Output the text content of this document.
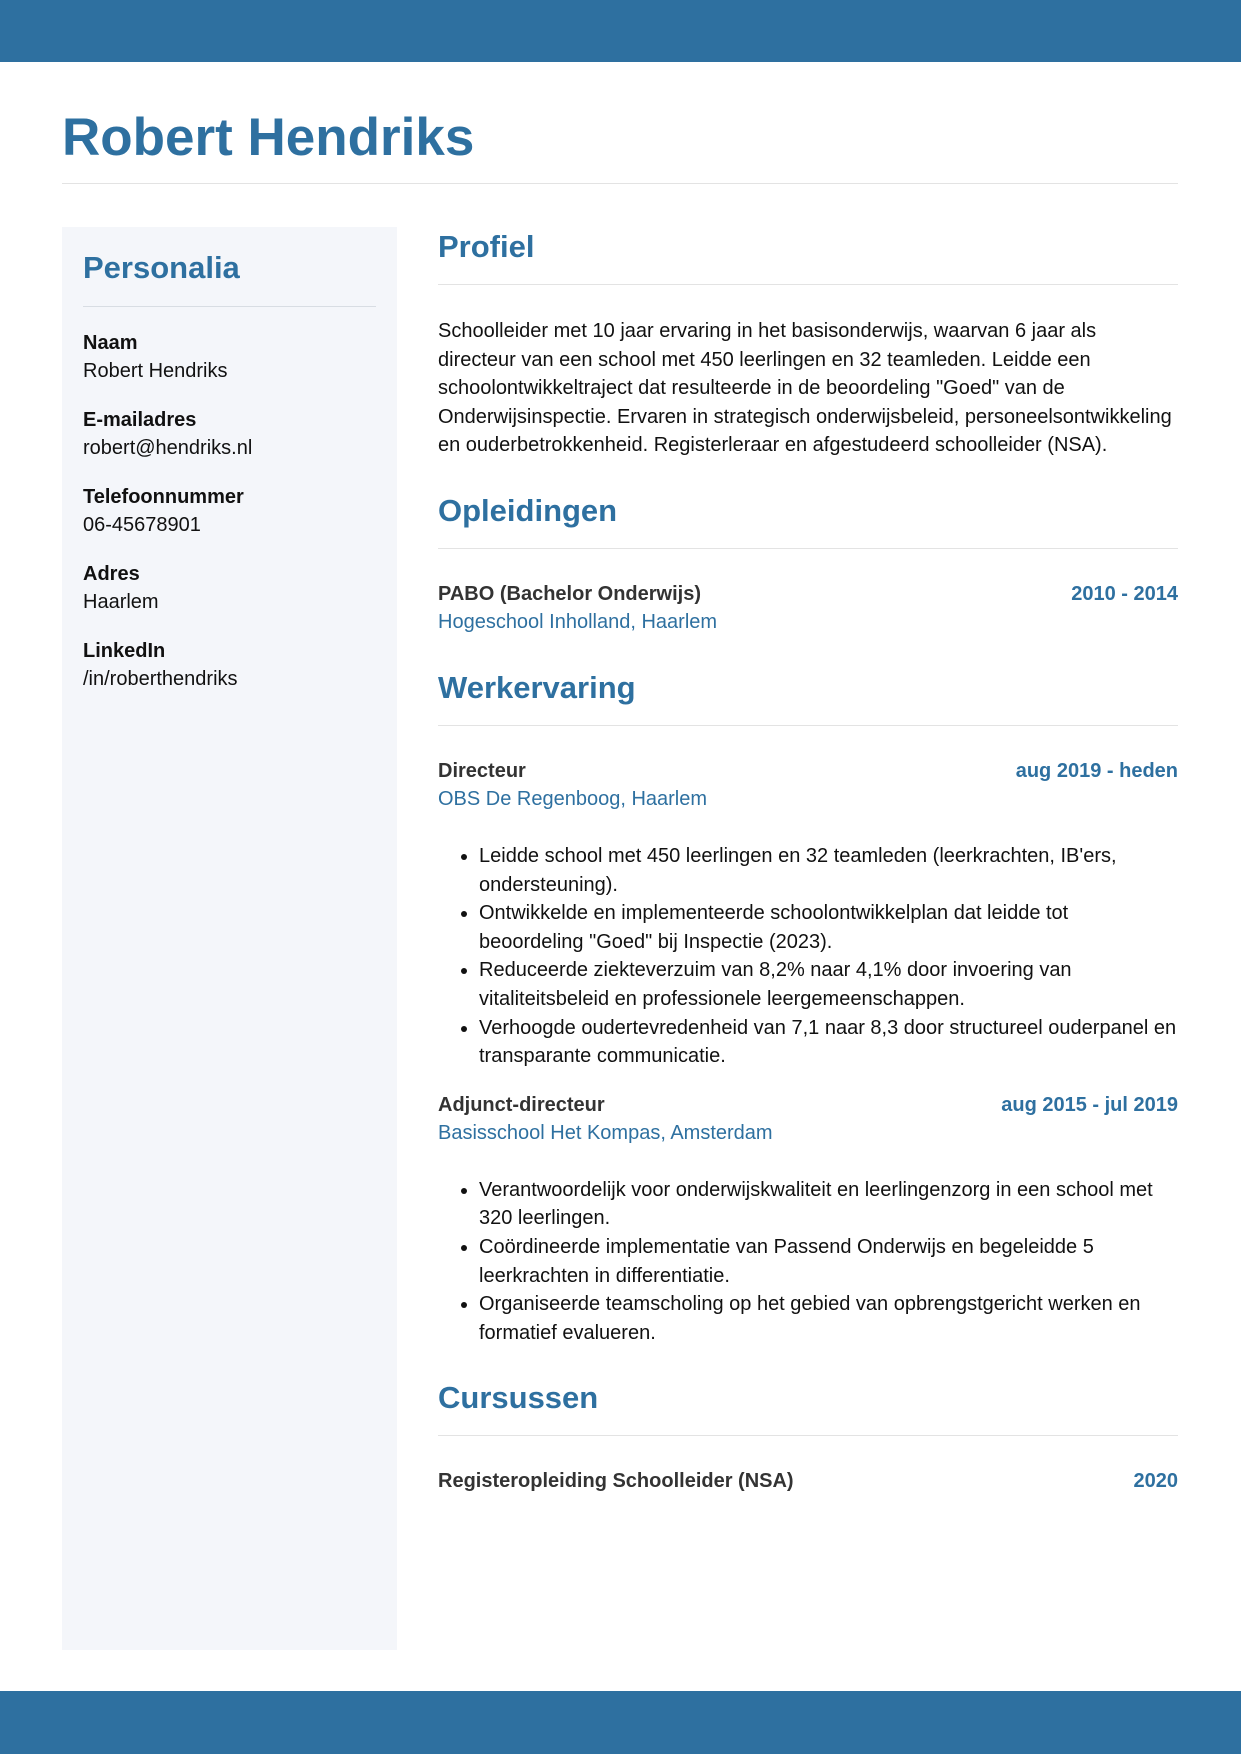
Robert Hendriks
Personalia
Naam
Robert Hendriks
E-mailadres
robert@hendriks.nl
Telefoonnummer
06-45678901
Adres
Haarlem
LinkedIn
/in/roberthendriks
Profiel

Schoolleider met 10 jaar ervaring in het basisonderwijs, waarvan 6 jaar als directeur van een school met 450 leerlingen en 32 teamleden. Leidde een schoolontwikkeltraject dat resulteerde in de beoordeling "Goed" van de Onderwijsinspectie. Ervaren in strategisch onderwijsbeleid, personeelsontwikkeling en ouderbetrokkenheid. Registerleraar en afgestudeerd schoolleider (NSA).

Opleidingen
PABO (Bachelor Onderwijs)	2010 - 2014
Hogeschool Inholland, Haarlem
Werkervaring
Directeur	aug 2019 - heden
OBS De Regenboog, Haarlem
• Leidde school met 450 leerlingen en 32 teamleden (leerkrachten, IB'ers, ondersteuning).
• Ontwikkelde en implementeerde schoolontwikkelplan dat leidde tot beoordeling "Goed" bij Inspectie (2023).
• Reduceerde ziekteverzuim van 8,2% naar 4,1% door invoering van vitaliteitsbeleid en professionele leergemeenschappen.
• Verhoogde oudertevredenheid van 7,1 naar 8,3 door structureel ouderpanel en transparante communicatie.
Adjunct-directeur	aug 2015 - jul 2019
Basisschool Het Kompas, Amsterdam
• Verantwoordelijk voor onderwijskwaliteit en leerlingenzorg in een school met 320 leerlingen.
• Coördineerde implementatie van Passend Onderwijs en begeleidde 5 leerkrachten in differentiatie.
• Organiseerde teamscholing op het gebied van opbrengstgericht werken en formatief evalueren.
Cursussen
Registeropleiding Schoolleider (NSA)	2020
